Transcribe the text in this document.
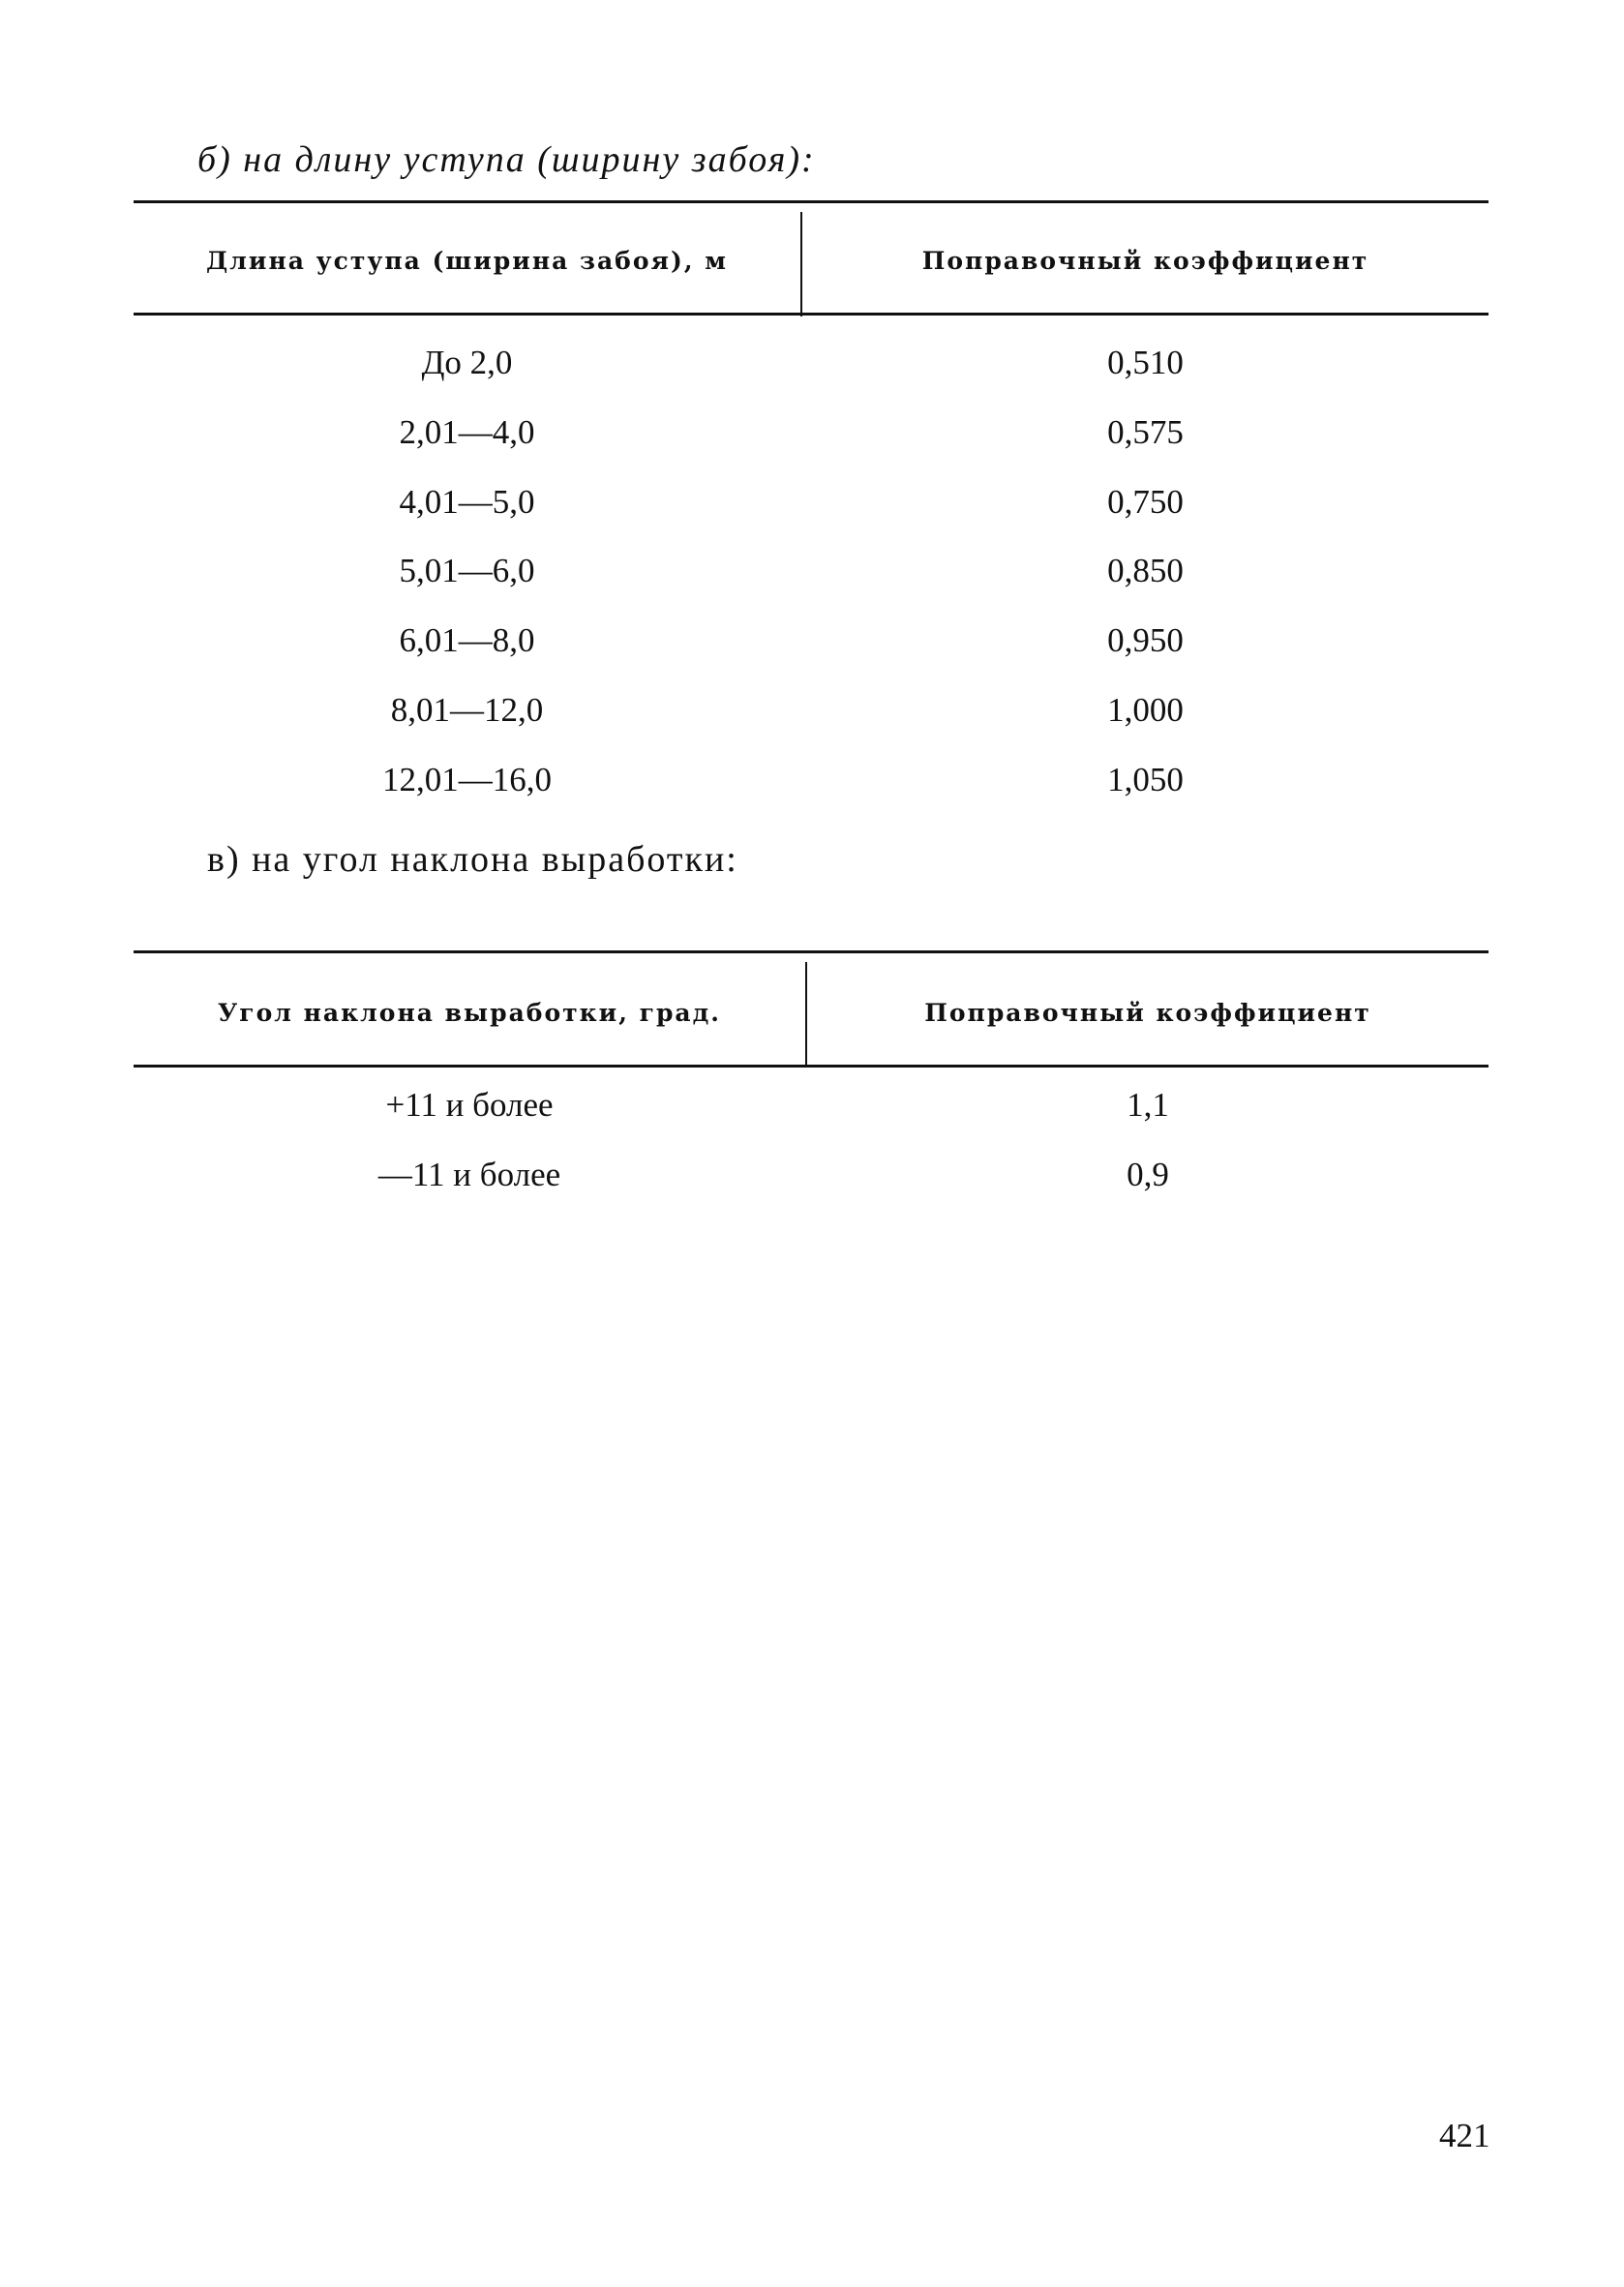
б) на длину уступа (ширину забоя):
Длина уступа (ширина забоя), м	Поправочный коэффициент
До 2,0	0,510
2,01—4,0	0,575
4,01—5,0	0,750
5,01—6,0	0,850
6,01—8,0	0,950
8,01—12,0	1,000
12,01—16,0	1,050
в) на угол наклона выработки:
Угол наклона выработки, град.	Поправочный коэффициент
+11 и более	1,1
—11 и более	0,9
421
